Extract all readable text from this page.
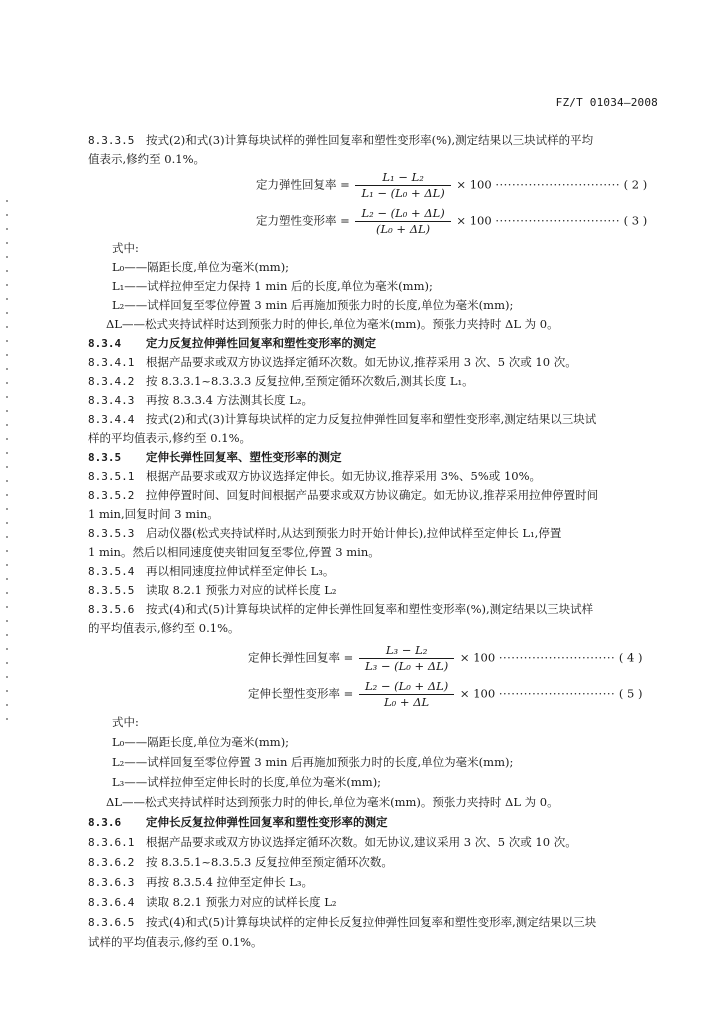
FZ/T 01034—2008
8.3.3.5 按式(2)和式(3)计算每块试样的弹性回复率和塑性变形率(%),测定结果以三块试样的平均
值表示,修约至 0.1%。
定力弹性回复率 = $\frac{\text{L₁ − L₂}}{\text{L₁ − (L₀ + ΔL)}} \times 100$ ······························ ( 2 )
定力塑性变形率 = $\frac{\text{L₂ − (L₀ + ΔL)}}{\text{(L₀ + ΔL)}} \times 100$ ······························ ( 3 )
式中:
L₀——隔距长度,单位为毫米(mm);
L₁——试样拉伸至定力保持 1 min 后的长度,单位为毫米(mm);
L₂——试样回复至零位停置 3 min 后再施加预张力时的长度,单位为毫米(mm);
ΔL——松式夹持试样时达到预张力时的伸长,单位为毫米(mm)。预张力夹持时 ΔL 为 0。
8.3.4 定力反复拉伸弹性回复率和塑性变形率的测定
8.3.4.1 根据产品要求或双方协议选择定循环次数。如无协议,推荐采用 3 次、5 次或 10 次。
8.3.4.2 按 8.3.3.1~8.3.3.3 反复拉伸,至预定循环次数后,测其长度 L₁。
8.3.4.3 再按 8.3.3.4 方法测其长度 L₂。
8.3.4.4 按式(2)和式(3)计算每块试样的定力反复拉伸弹性回复率和塑性变形率,测定结果以三块试
样的平均值表示,修约至 0.1%。
8.3.5 定伸长弹性回复率、塑性变形率的测定
8.3.5.1 根据产品要求或双方协议选择定伸长。如无协议,推荐采用 3%、5%或 10%。
8.3.5.2 拉伸停置时间、回复时间根据产品要求或双方协议确定。如无协议,推荐采用拉伸停置时间
1 min,回复时间 3 min。
8.3.5.3 启动仪器(松式夹持试样时,从达到预张力时开始计伸长),拉伸试样至定伸长 L₁,停置
1 min。然后以相同速度使夹钳回复至零位,停置 3 min。
8.3.5.4 再以相同速度拉伸试样至定伸长 L₃。
8.3.5.5 读取 8.2.1 预张力对应的试样长度 L₂
8.3.5.6 按式(4)和式(5)计算每块试样的定伸长弹性回复率和塑性变形率(%),测定结果以三块试样
的平均值表示,修约至 0.1%。
定伸长弹性回复率 = $\frac{\text{L₃ − L₂}}{\text{L₃ − (L₀ + ΔL)}} \times 100$ ···························· ( 4 )
定伸长塑性变形率 = $\frac{\text{L₂ − (L₀ + ΔL)}}{\text{L₀ + ΔL}} \times 100$ ···························· ( 5 )
式中:
L₀——隔距长度,单位为毫米(mm);
L₂——试样回复至零位停置 3 min 后再施加预张力时的长度,单位为毫米(mm);
L₃——试样拉伸至定伸长时的长度,单位为毫米(mm);
ΔL——松式夹持试样时达到预张力时的伸长,单位为毫米(mm)。预张力夹持时 ΔL 为 0。
8.3.6 定伸长反复拉伸弹性回复率和塑性变形率的测定
8.3.6.1 根据产品要求或双方协议选择定循环次数。如无协议,建议采用 3 次、5 次或 10 次。
8.3.6.2 按 8.3.5.1~8.3.5.3 反复拉伸至预定循环次数。
8.3.6.3 再按 8.3.5.4 拉伸至定伸长 L₃。
8.3.6.4 读取 8.2.1 预张力对应的试样长度 L₂
8.3.6.5 按式(4)和式(5)计算每块试样的定伸长反复拉伸弹性回复率和塑性变形率,测定结果以三块
试样的平均值表示,修约至 0.1%。
